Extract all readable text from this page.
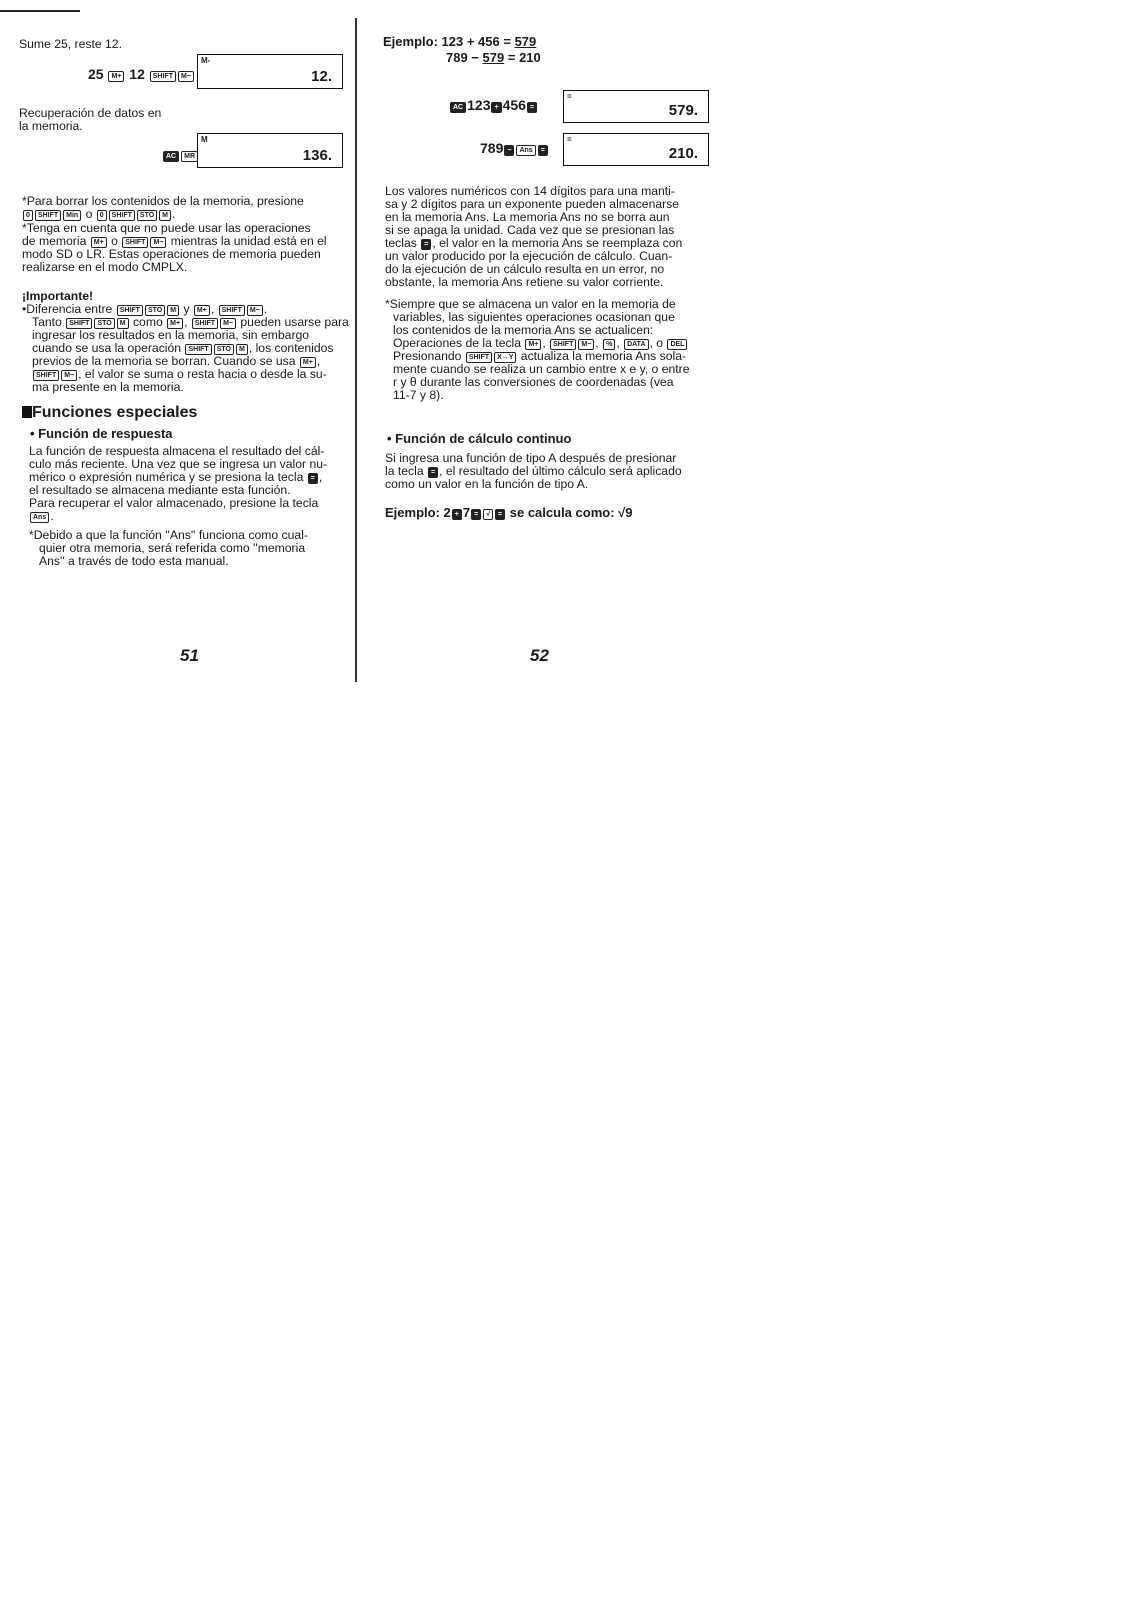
Sume 25, reste 12.
25 M+ 12 SHIFT M−
M-
12.
Recuperación de datos en
la memoria.
AC MR
M
136.
*Para borrar los contenidos de la memoria, presione
0 SHIFT Min o 0 SHIFT STO M .
*Tenga en cuenta que no puede usar las operaciones
de memoria M+ o SHIFT M− mientras la unidad está en el
modo SD o LR. Estas operaciones de memoria pueden
realizarse en el modo CMPLX.
¡Importante!
•Diferencia entre SHIFT STO M y M+ , SHIFT M− .
Tanto SHIFT STO M como M+ , SHIFT M− pueden usarse para
ingresar los resultados en la memoria, sin embargo
cuando se usa la operación SHIFT STO M , los contenidos
previos de la memoria se borran. Cuando se usa M+ ,
SHIFT M− , el valor se suma o resta hacia o desde la su-
ma presente en la memoria.
Funciones especiales
• Función de respuesta
La función de respuesta almacena el resultado del cál-
culo más reciente. Una vez que se ingresa un valor nu-
mérico o expresión numérica y se presiona la tecla = ,
el resultado se almacena mediante esta función.
Para recuperar el valor almacenado, presione la tecla
Ans .
*Debido a que la función ''Ans'' funciona como cual-
quier otra memoria, será referida como ''memoria
Ans'' a través de todo esta manual.
51
Ejemplo: 123 + 456 = 579
789 − 579 = 210
AC 123 + 456 =
=
579.
789 − Ans =
=
210.
Los valores numéricos con 14 dígitos para una manti-
sa y 2 dígitos para un exponente pueden almacenarse
en la memoria Ans. La memoria Ans no se borra aun
si se apaga la unidad. Cada vez que se presionan las
teclas = , el valor en la memoria Ans se reemplaza con
un valor producido por la ejecución de cálculo. Cuan-
do la ejecución de un cálculo resulta en un error, no
obstante, la memoria Ans retiene su valor corriente.
*Siempre que se almacena un valor en la memoria de
variables, las siguientes operaciones ocasionan que
los contenidos de la memoria Ans se actualicen:
Operaciones de la tecla M+ , SHIFT M− , % , DATA , o DEL
Presionando SHIFT X↔Y actualiza la memoria Ans sola-
mente cuando se realiza un cambio entre x e y, o entre
r y θ durante las conversiones de coordenadas (vea
11-7 y 8).
• Función de cálculo continuo
Si ingresa una función de tipo A después de presionar
la tecla = , el resultado del último cálculo será aplicado
como un valor en la función de tipo A.
Ejemplo: 2 + 7 = √ = se calcula como: √9
52
